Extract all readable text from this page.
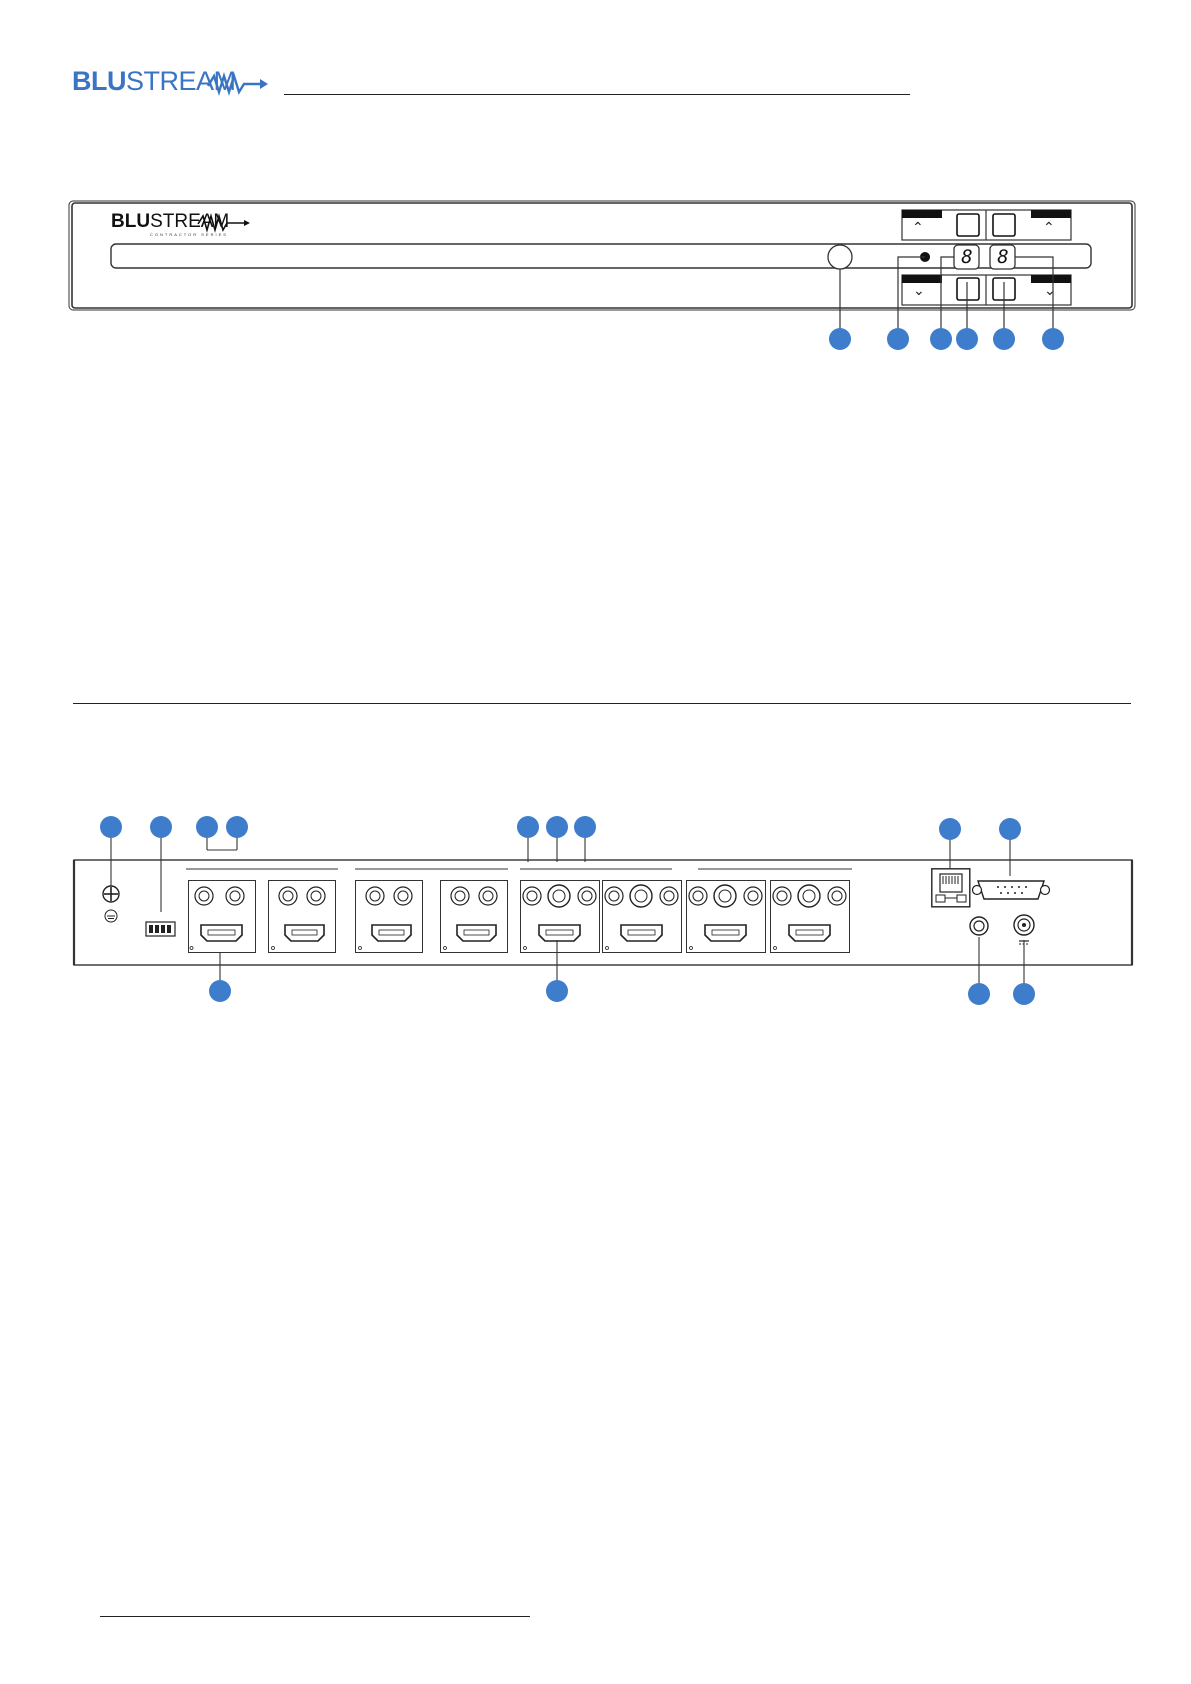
BLUSTREAM
BLUSTREAM
CONTRACTOR SERIES
8 8
⌃	⌃
⌄	⌄
